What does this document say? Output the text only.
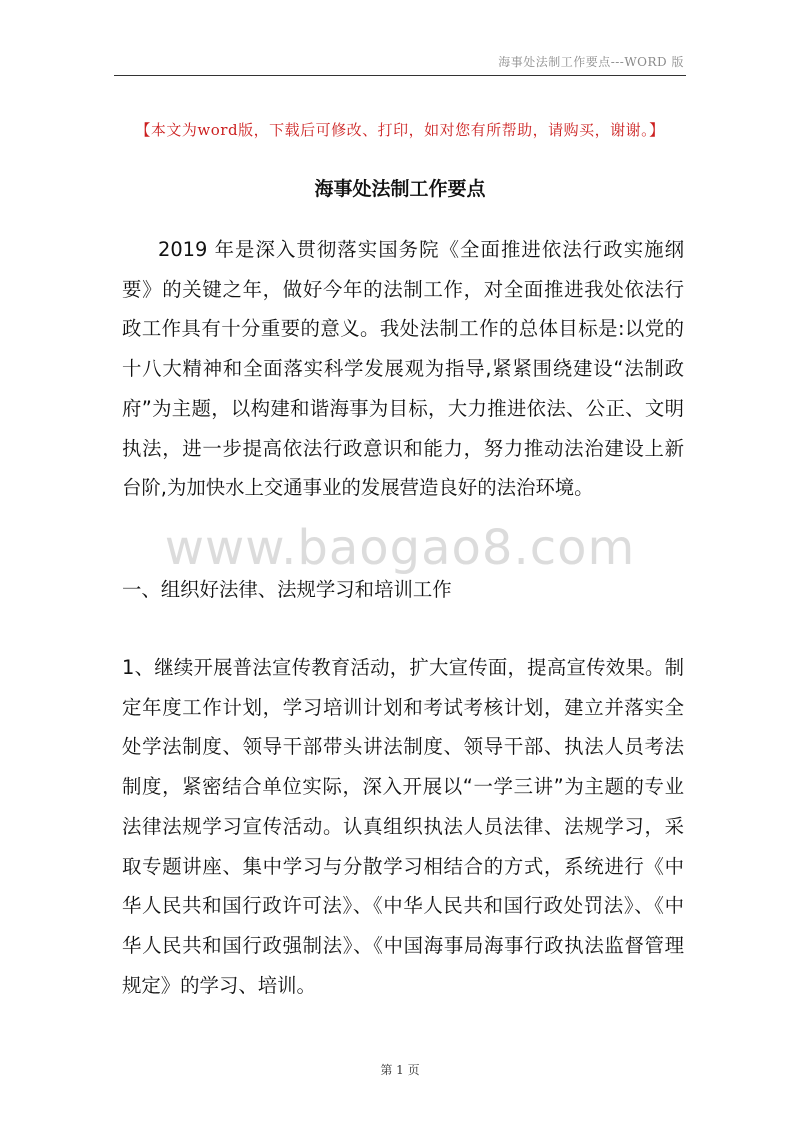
海事处法制工作要点---WORD 版
【本文为word版，下载后可修改、打印，如对您有所帮助，请购买，谢谢。】
海事处法制工作要点

2019 年是深入贯彻落实国务院《全面推进依法行政实施纲要》的关键之年，做好今年的法制工作，对全面推进我处依法行政工作具有十分重要的意义。我处法制工作的总体目标是:以党的十八大精神和全面落实科学发展观为指导,紧紧围绕建设“法制政府”为主题，以构建和谐海事为目标，大力推进依法、公正、文明执法，进一步提高依法行政意识和能力，努力推动法治建设上新台阶,为加快水上交通事业的发展营造良好的法治环境。

www.baogao8.com
一、组织好法律、法规学习和培训工作

1、继续开展普法宣传教育活动，扩大宣传面，提高宣传效果。制定年度工作计划，学习培训计划和考试考核计划，建立并落实全处学法制度、领导干部带头讲法制度、领导干部、执法人员考法制度，紧密结合单位实际，深入开展以“一学三讲”为主题的专业法律法规学习宣传活动。认真组织执法人员法律、法规学习，采取专题讲座、集中学习与分散学习相结合的方式，系统进行《中华人民共和国行政许可法》、《中华人民共和国行政处罚法》、《中华人民共和国行政强制法》、《中国海事局海事行政执法监督管理规定》的学习、培训。

第 1 页
